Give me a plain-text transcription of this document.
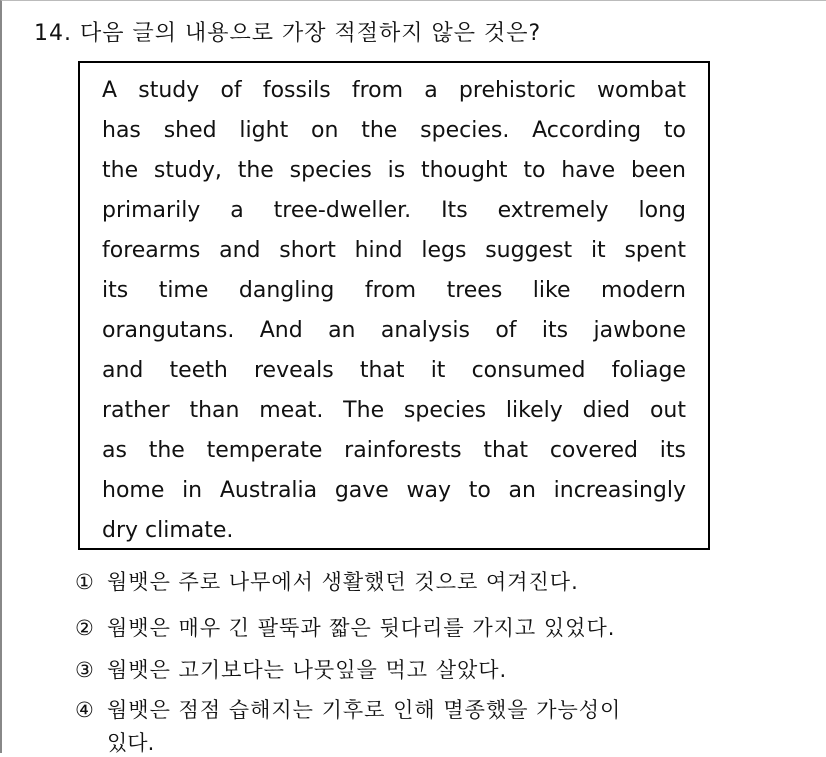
14. 다음 글의 내용으로 가장 적절하지 않은 것은?
A study of fossils from a prehistoric wombat
has shed light on the species. According to
the study, the species is thought to have been
primarily a tree-dweller. Its extremely long
forearms and short hind legs suggest it spent
its time dangling from trees like modern
orangutans. And an analysis of its jawbone
and teeth reveals that it consumed foliage
rather than meat. The species likely died out
as the temperate rainforests that covered its
home in Australia gave way to an increasingly
dry climate.
① 웜뱃은 주로 나무에서 생활했던 것으로 여겨진다.
② 웜뱃은 매우 긴 팔뚝과 짧은 뒷다리를 가지고 있었다.
③ 웜뱃은 고기보다는 나뭇잎을 먹고 살았다.
④ 웜뱃은 점점 습해지는 기후로 인해 멸종했을 가능성이
있다.
